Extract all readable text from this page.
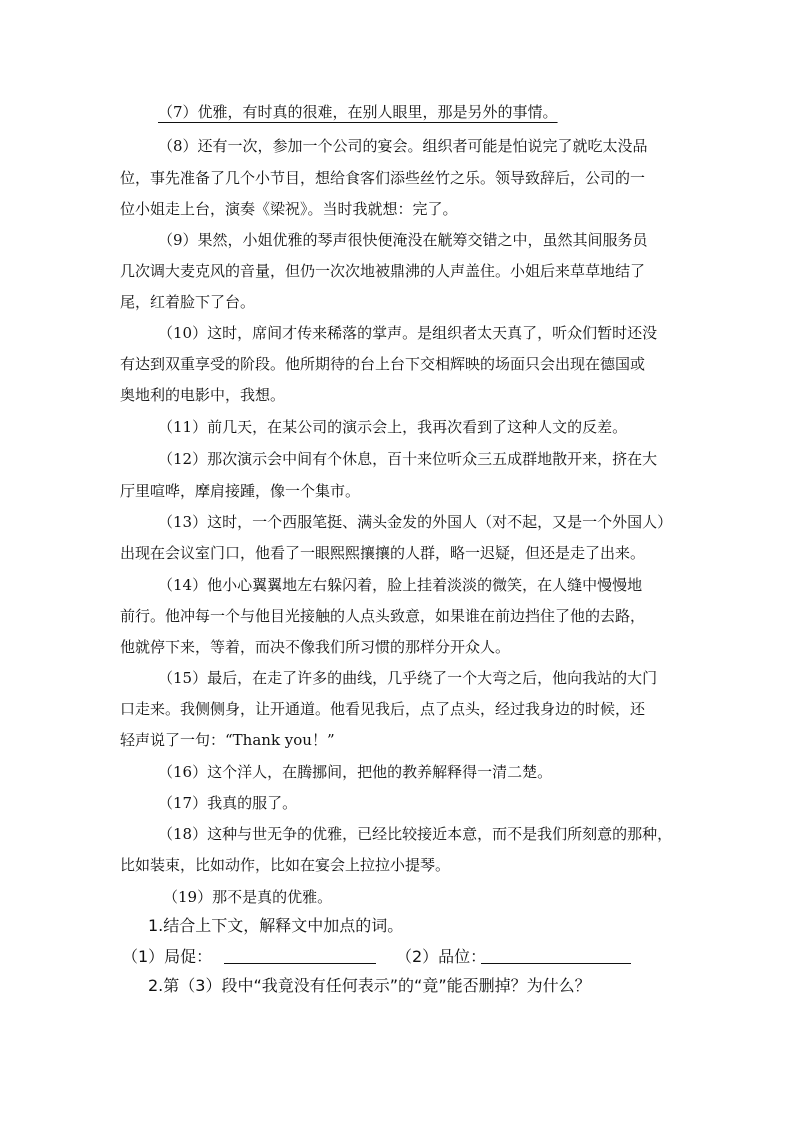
（7）优雅，有时真的很难，在别人眼里，那是另外的事情。
（8）还有一次，参加一个公司的宴会。组织者可能是怕说完了就吃太没品
位，事先准备了几个小节目，想给食客们添些丝竹之乐。领导致辞后，公司的一
位小姐走上台，演奏《梁祝》。当时我就想：完了。
（9）果然，小姐优雅的琴声很快便淹没在觥筹交错之中，虽然其间服务员
几次调大麦克风的音量，但仍一次次地被鼎沸的人声盖住。小姐后来草草地结了
尾，红着脸下了台。
（10）这时，席间才传来稀落的掌声。是组织者太天真了，听众们暂时还没
有达到双重享受的阶段。他所期待的台上台下交相辉映的场面只会出现在德国或
奥地利的电影中，我想。
（11）前几天，在某公司的演示会上，我再次看到了这种人文的反差。
（12）那次演示会中间有个休息，百十来位听众三五成群地散开来，挤在大
厅里喧哗，摩肩接踵，像一个集市。
（13）这时，一个西服笔挺、满头金发的外国人（对不起，又是一个外国人）
出现在会议室门口，他看了一眼熙熙攘攘的人群，略一迟疑，但还是走了出来。
（14）他小心翼翼地左右躲闪着，脸上挂着淡淡的微笑，在人缝中慢慢地
前行。他冲每一个与他目光接触的人点头致意，如果谁在前边挡住了他的去路，
他就停下来，等着，而决不像我们所习惯的那样分开众人。
（15）最后，在走了许多的曲线，几乎绕了一个大弯之后，他向我站的大门
口走来。我侧侧身，让开通道。他看见我后，点了点头，经过我身边的时候，还
轻声说了一句：“Thank you！”
（16）这个洋人，在腾挪间，把他的教养解释得一清二楚。
（17）我真的服了。
（18）这种与世无争的优雅，已经比较接近本意，而不是我们所刻意的那种，
比如装束，比如动作，比如在宴会上拉拉小提琴。
（19）那不是真的优雅。
1.结合上下文，解释文中加点的词。
（1）局促：	（2）品位：
2.第（3）段中“我竟没有任何表示”的“竟”能否删掉？为什么？
